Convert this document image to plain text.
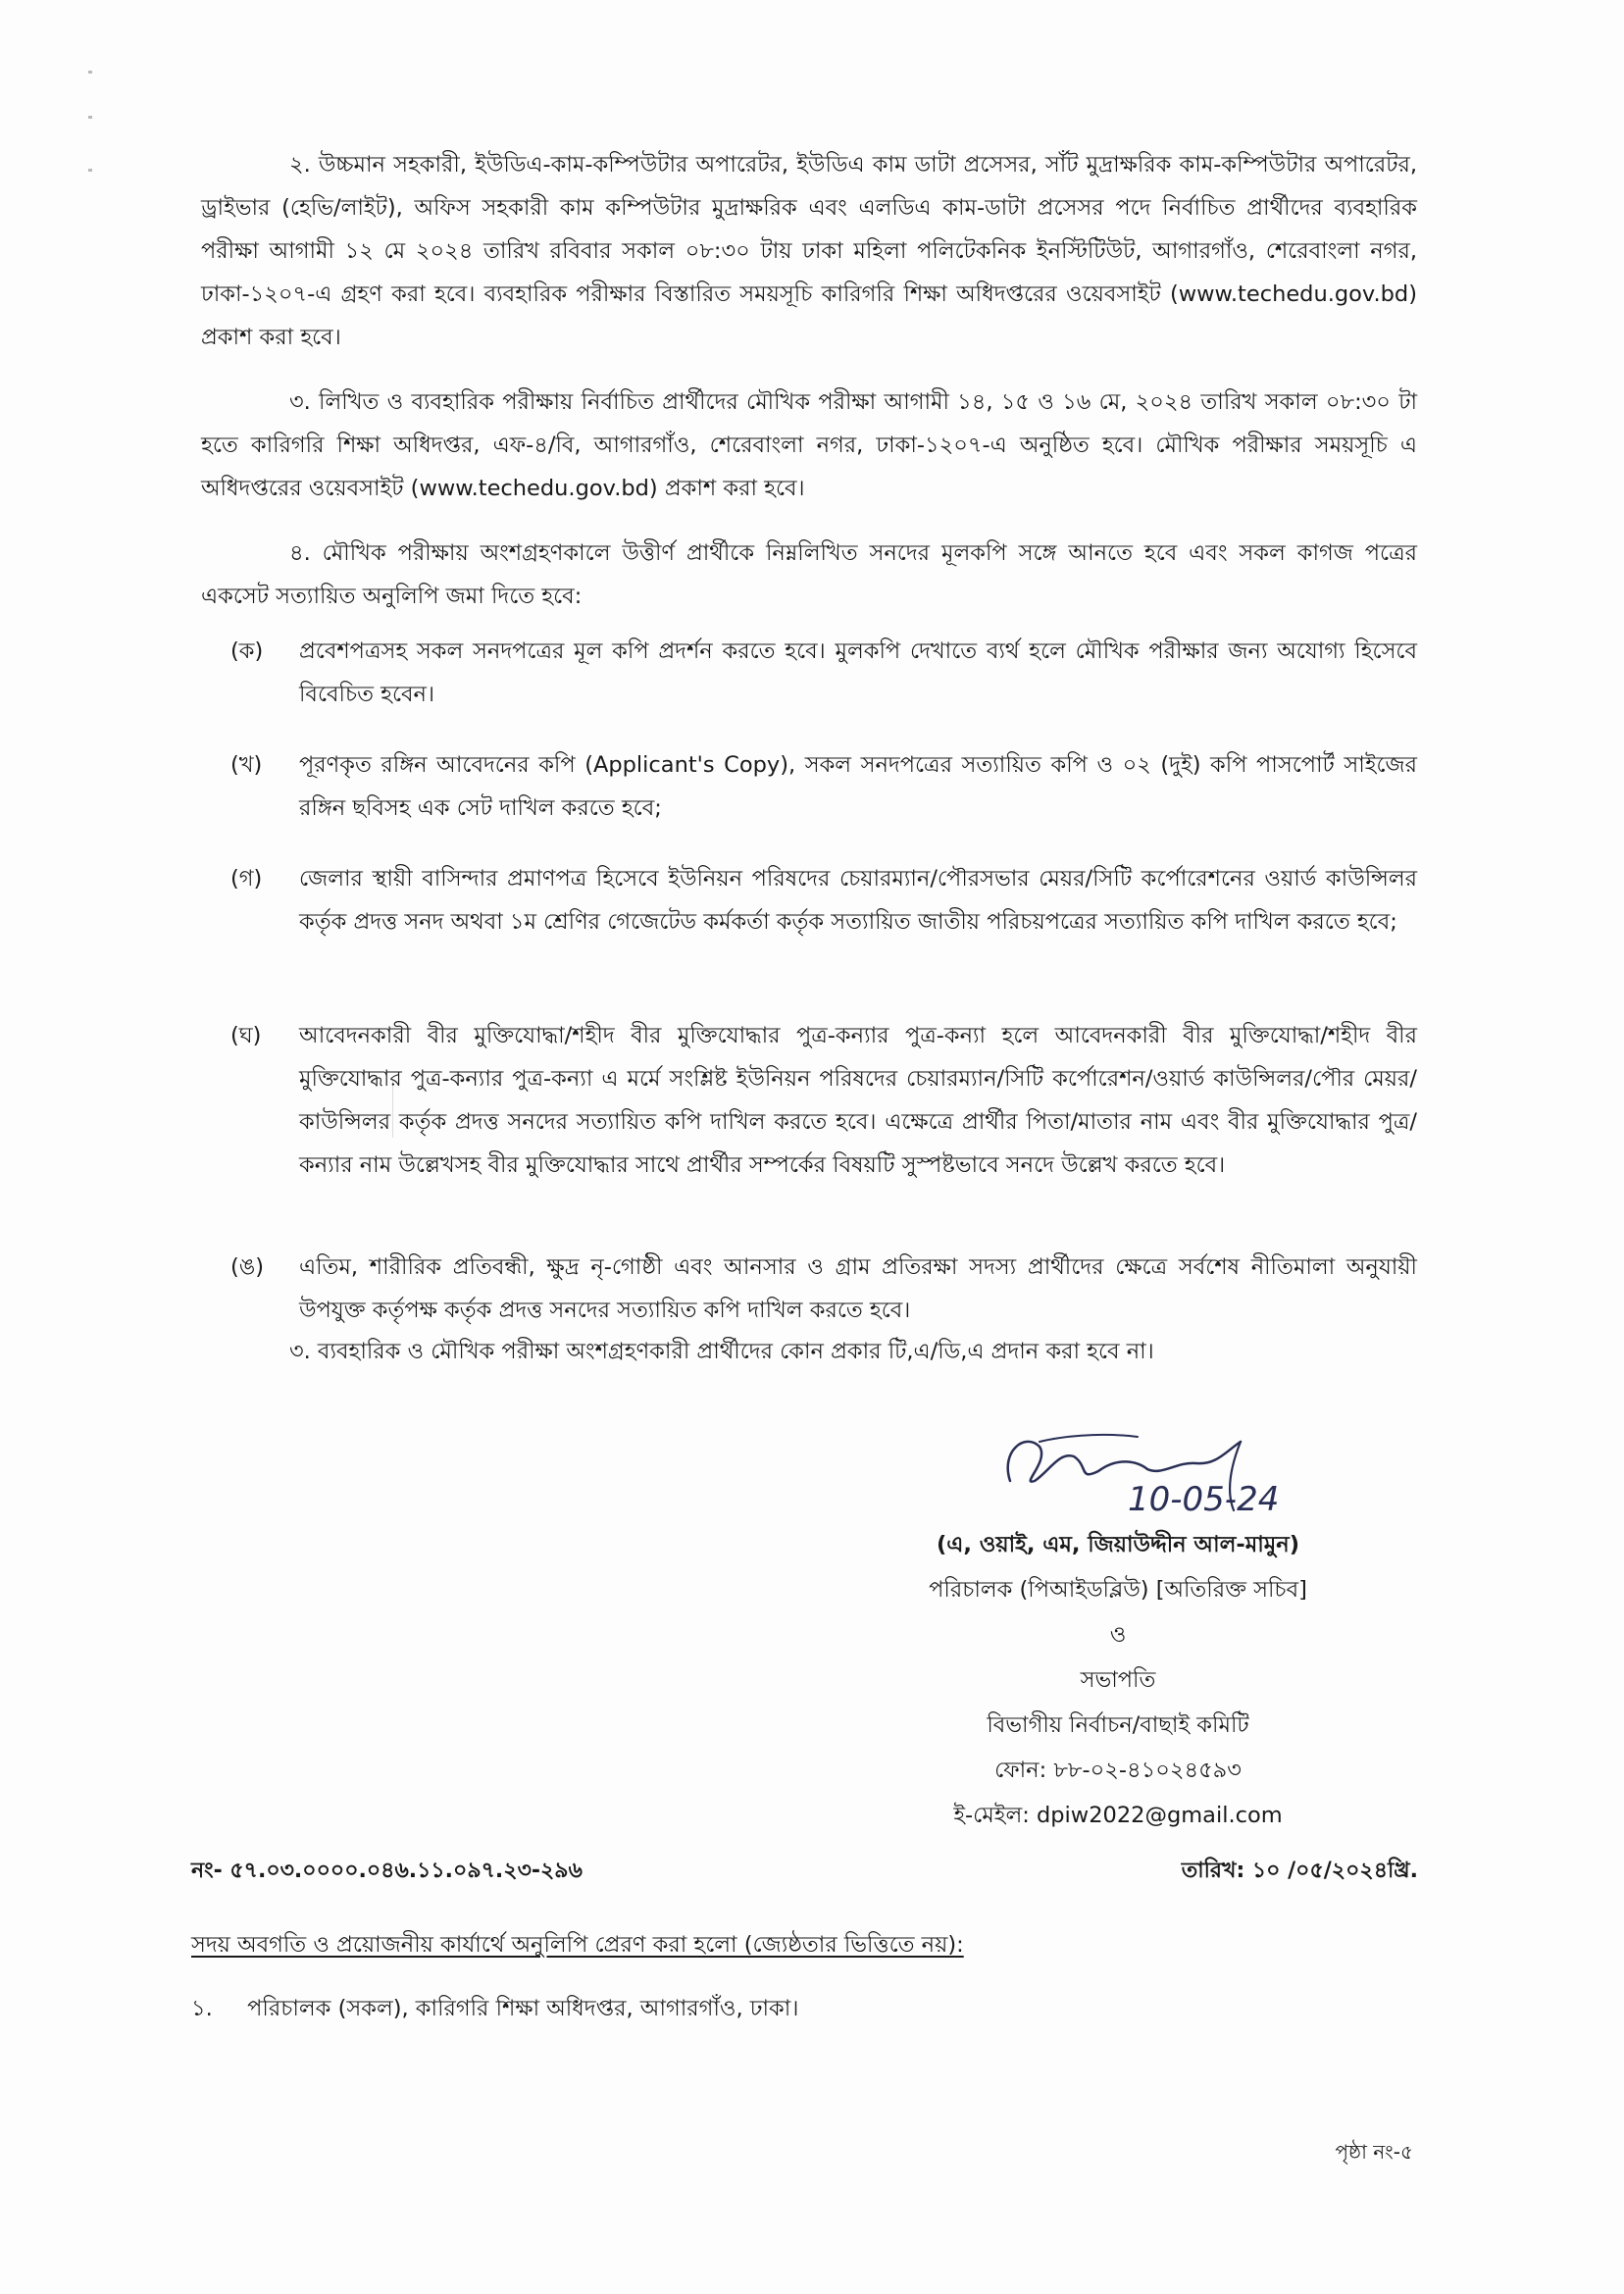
২. উচ্চমান সহকারী, ইউডিএ-কাম-কম্পিউটার অপারেটর, ইউডিএ কাম ডাটা প্রসেসর, সাঁট মুদ্রাক্ষরিক কাম-কম্পিউটার অপারেটর, ড্রাইভার (হেভি/লাইট), অফিস সহকারী কাম কম্পিউটার মুদ্রাক্ষরিক এবং এলডিএ কাম-ডাটা প্রসেসর পদে নির্বাচিত প্রার্থীদের ব্যবহারিক পরীক্ষা আগামী ১২ মে ২০২৪ তারিখ রবিবার সকাল ০৮:৩০ টায় ঢাকা মহিলা পলিটেকনিক ইনস্টিটিউট, আগারগাঁও, শেরেবাংলা নগর, ঢাকা-১২০৭-এ গ্রহণ করা হবে। ব্যবহারিক পরীক্ষার বিস্তারিত সময়সূচি কারিগরি শিক্ষা অধিদপ্তরের ওয়েবসাইট (www.techedu.gov.bd) প্রকাশ করা হবে।

৩. লিখিত ও ব্যবহারিক পরীক্ষায় নির্বাচিত প্রার্থীদের মৌখিক পরীক্ষা আগামী ১৪, ১৫ ও ১৬ মে, ২০২৪ তারিখ সকাল ০৮:৩০ টা হতে কারিগরি শিক্ষা অধিদপ্তর, এফ-৪/বি, আগারগাঁও, শেরেবাংলা নগর, ঢাকা-১২০৭-এ অনুষ্ঠিত হবে। মৌখিক পরীক্ষার সময়সূচি এ অধিদপ্তরের ওয়েবসাইট (www.techedu.gov.bd) প্রকাশ করা হবে।

৪. মৌখিক পরীক্ষায় অংশগ্রহণকালে উত্তীর্ণ প্রার্থীকে নিম্নলিখিত সনদের মূলকপি সঙ্গে আনতে হবে এবং সকল কাগজ পত্রের একসেট সত্যায়িত অনুলিপি জমা দিতে হবে:

(ক)	প্রবেশপত্রসহ সকল সনদপত্রের মূল কপি প্রদর্শন করতে হবে। মুলকপি দেখাতে ব্যর্থ হলে মৌখিক পরীক্ষার জন্য অযোগ্য হিসেবে বিবেচিত হবেন।
(খ)	পূরণকৃত রঙ্গিন আবেদনের কপি (Applicant's Copy), সকল সনদপত্রের সত্যায়িত কপি ও ০২ (দুই) কপি পাসপোর্ট সাইজের রঙ্গিন ছবিসহ এক সেট দাখিল করতে হবে;
(গ)	জেলার স্থায়ী বাসিন্দার প্রমাণপত্র হিসেবে ইউনিয়ন পরিষদের চেয়ারম্যান/পৌরসভার মেয়র/সিটি কর্পোরেশনের ওয়ার্ড কাউন্সিলর কর্তৃক প্রদত্ত সনদ অথবা ১ম শ্রেণির গেজেটেড কর্মকর্তা কর্তৃক সত্যায়িত জাতীয় পরিচয়পত্রের সত্যায়িত কপি দাখিল করতে হবে;
(ঘ)	আবেদনকারী বীর মুক্তিযোদ্ধা/শহীদ বীর মুক্তিযোদ্ধার পুত্র-কন্যার পুত্র-কন্যা হলে আবেদনকারী বীর মুক্তিযোদ্ধা/শহীদ বীর মুক্তিযোদ্ধার পুত্র-কন্যার পুত্র-কন্যা এ মর্মে সংশ্লিষ্ট ইউনিয়ন পরিষদের চেয়ারম্যান/সিটি কর্পোরেশন/ওয়ার্ড কাউন্সিলর/পৌর মেয়র/কাউন্সিলর কর্তৃক প্রদত্ত সনদের সত্যায়িত কপি দাখিল করতে হবে। এক্ষেত্রে প্রার্থীর পিতা/মাতার নাম এবং বীর মুক্তিযোদ্ধার পুত্র/কন্যার নাম উল্লেখসহ বীর মুক্তিযোদ্ধার সাথে প্রার্থীর সম্পর্কের বিষয়টি সুস্পষ্টভাবে সনদে উল্লেখ করতে হবে।
(ঙ)	এতিম, শারীরিক প্রতিবন্ধী, ক্ষুদ্র নৃ-গোষ্ঠী এবং আনসার ও গ্রাম প্রতিরক্ষা সদস্য প্রার্থীদের ক্ষেত্রে সর্বশেষ নীতিমালা অনুযায়ী উপযুক্ত কর্তৃপক্ষ কর্তৃক প্রদত্ত সনদের সত্যায়িত কপি দাখিল করতে হবে।

৩. ব্যবহারিক ও মৌখিক পরীক্ষা অংশগ্রহণকারী প্রার্থীদের কোন প্রকার টি,এ/ডি,এ প্রদান করা হবে না।

10-05-24
(এ, ওয়াই, এম, জিয়াউদ্দীন আল-মামুন)
পরিচালক (পিআইডব্লিউ) [অতিরিক্ত সচিব]
ও
সভাপতি
বিভাগীয় নির্বাচন/বাছাই কমিটি
ফোন: ৮৮-০২-৪১০২৪৫৯৩
ই-মেইল: dpiw2022@gmail.com
নং- ৫৭.০৩.০০০০.০৪৬.১১.০৯৭.২৩-২৯৬	তারিখ: ১০ /০৫/২০২৪খ্রি.
সদয় অবগতি ও প্রয়োজনীয় কার্যার্থে অনুলিপি প্রেরণ করা হলো (জ্যেষ্ঠতার ভিত্তিতে নয়):
১. পরিচালক (সকল), কারিগরি শিক্ষা অধিদপ্তর, আগারগাঁও, ঢাকা।
পৃষ্ঠা নং-৫
